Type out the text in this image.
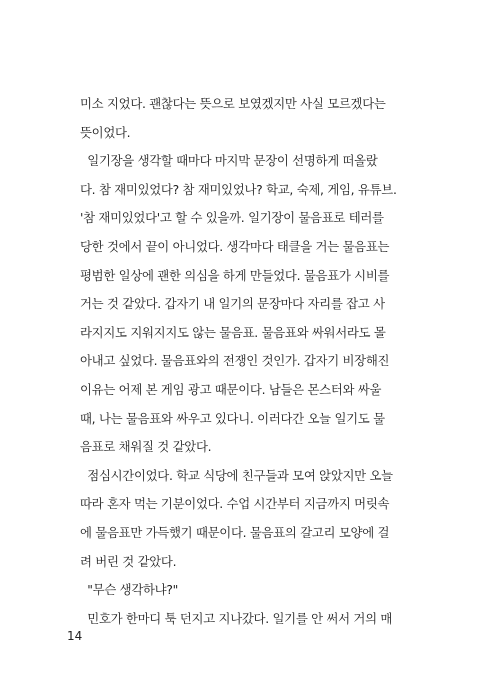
미소 지었다. 괜찮다는 뜻으로 보였겠지만 사실 모르겠다는
뜻이었다.
일기장을 생각할 때마다 마지막 문장이 선명하게 떠올랐
다. 참 재미있었다? 참 재미있었나? 학교, 숙제, 게임, 유튜브.
'참 재미있었다'고 할 수 있을까. 일기장이 물음표로 테러를
당한 것에서 끝이 아니었다. 생각마다 태클을 거는 물음표는
평범한 일상에 괜한 의심을 하게 만들었다. 물음표가 시비를
거는 것 같았다. 갑자기 내 일기의 문장마다 자리를 잡고 사
라지지도 지워지지도 않는 물음표. 물음표와 싸워서라도 몰
아내고 싶었다. 물음표와의 전쟁인 것인가. 갑자기 비장해진
이유는 어제 본 게임 광고 때문이다. 남들은 몬스터와 싸울
때, 나는 물음표와 싸우고 있다니. 이러다간 오늘 일기도 물
음표로 채워질 것 같았다.
점심시간이었다. 학교 식당에 친구들과 모여 앉았지만 오늘
따라 혼자 먹는 기분이었다. 수업 시간부터 지금까지 머릿속
에 물음표만 가득했기 때문이다. 물음표의 갈고리 모양에 걸
려 버린 것 같았다.
"무슨 생각하냐?"
민호가 한마디 툭 던지고 지나갔다. 일기를 안 써서 거의 매
14
